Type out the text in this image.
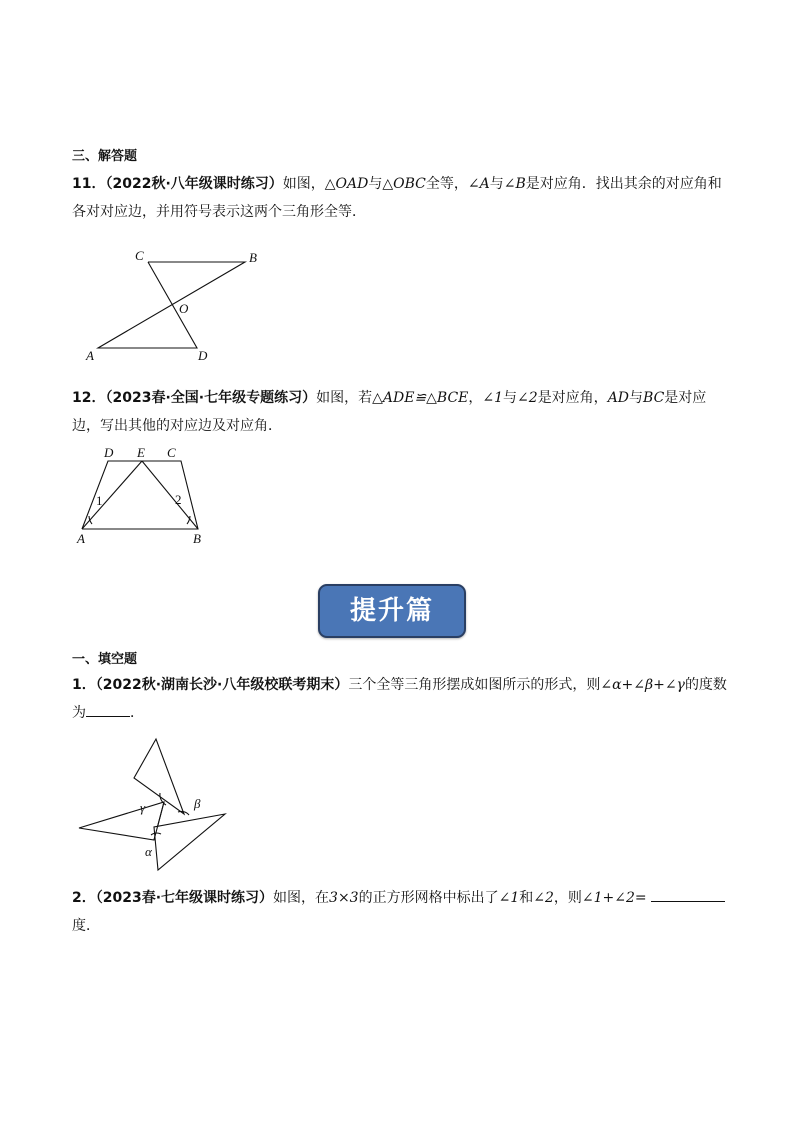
三、解答题
11．（2022秋·八年级课时练习）如图，△OAD与△OBC全等，∠A与∠B是对应角．找出其余的对应角和各对对应边，并用符号表示这两个三角形全等．
C	B
O
A	D
12．（2023春·全国·七年级专题练习）如图，若△ADE≌△BCE，∠1与∠2是对应角，AD与BC是对应边，写出其他的对应边及对应角．
D E C
1	2
A	B
提升篇
一、填空题
1．（2022秋·湖南长沙·八年级校联考期末）三个全等三角形摆成如图所示的形式，则∠α+∠β+∠γ的度数为	．
γ	β
α
2．（2023春·七年级课时练习）如图，在3×3的正方形网格中标出了∠1和∠2，则∠1+∠2=
度．
